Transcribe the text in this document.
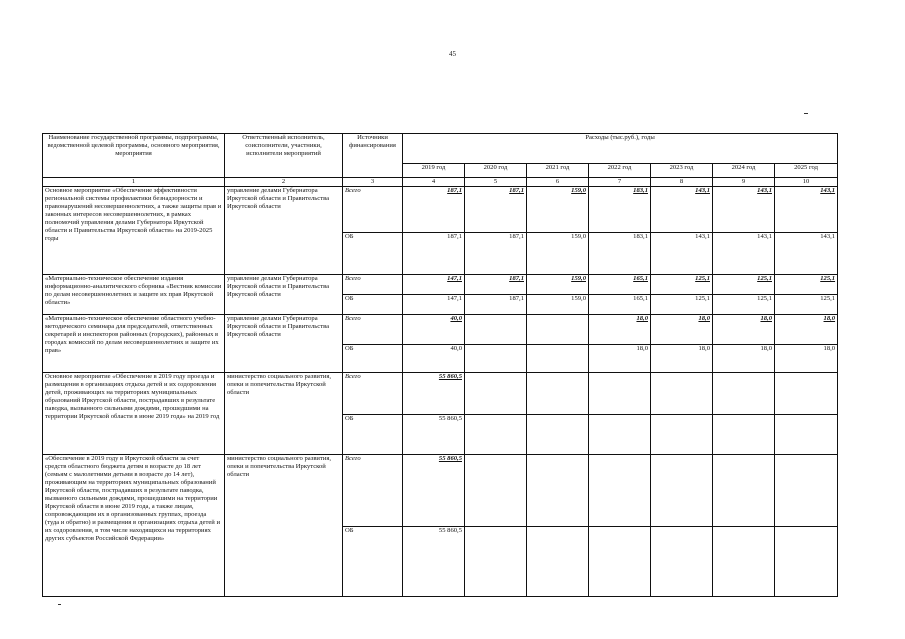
45
Наименование государственной программы, подпрограммы, ведомственной целевой программы, основного мероприятия, мероприятия	Ответственный исполнитель, соисполнители, участники, исполнители мероприятий	Источники финансирования	Расходы (тыс.руб.), годы						
			2019 год	2020 год	2021 год	2022 год	2023 год	2024 год	2025 год
1	2	3	4	5	6	7	8	9	10
Основное мероприятие «Обеспечение эффективности региональной системы профилактики безнадзорности и правонарушений несовершеннолетних, а также защиты прав и законных интересов несовершеннолетних, в рамках полномочий управления делами Губернатора Иркутской области и Правительства Иркутской области» на 2019-2025 годы	управление делами Губернатора Иркутской области и Правительства Иркутской области	Всего	187,1	187,1	159,0	183,1	143,1	143,1	143,1
		ОБ	187,1	187,1	159,0	183,1	143,1	143,1	143,1
«Материально-техническое обеспечение издания информационно-аналитического сборника «Вестник комиссии по делам несовершеннолетних и защите их прав Иркутской области»	управление делами Губернатора Иркутской области и Правительства Иркутской области	Всего	147,1	187,1	159,0	165,1	125,1	125,1	125,1
		ОБ	147,1	187,1	159,0	165,1	125,1	125,1	125,1
«Материально-техническое обеспечение областного учебно-методического семинара для председателей, ответственных секретарей и инспекторов районных (городских), районных в городах комиссий по делам несовершеннолетних и защите их прав»	управление делами Губернатора Иркутской области и Правительства Иркутской области	Всего	40,0			18,0	18,0	18,0	18,0
		ОБ	40,0			18,0	18,0	18,0	18,0
Основное мероприятие «Обеспечение в 2019 году проезда и размещения в организациях отдыха детей и их оздоровления детей, проживающих на территориях муниципальных образований Иркутской области, пострадавших в результате паводка, вызванного сильными дождями, прошедшими на территории Иркутской области в июне 2019 года» на 2019 год	министерство социального развития, опеки и попечительства Иркутской области	Всего	55 860,5						
		ОБ	55 860,5						
«Обеспечение в 2019 году в Иркутской области за счет средств областного бюджета детям в возрасте до 18 лет (семьям с малолетними детьми в возрасте до 14 лет), проживающим на территориях муниципальных образований Иркутской области, пострадавших в результате паводка, вызванного сильными дождями, прошедшими на территории Иркутской области в июне 2019 года, а также лицам, сопровождающим их в организованных группах, проезда (туда и обратно) и размещения в организациях отдыха детей и их оздоровления, в том числе находящихся на территориях других субъектов Российской Федерации»	министерство социального развития, опеки и попечительства Иркутской области	Всего	55 860,5						
		ОБ	55 860,5						
